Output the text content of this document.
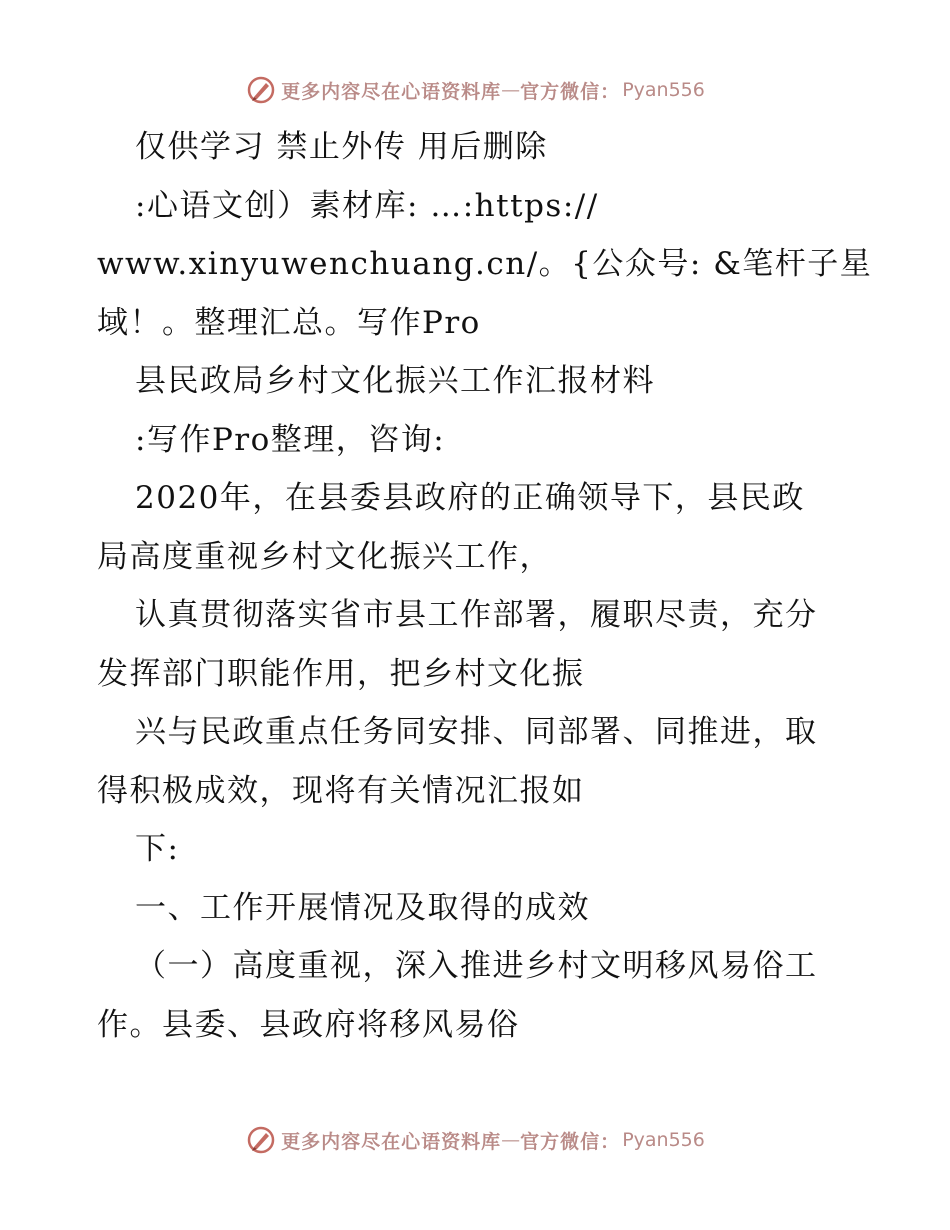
更多内容尽在心语资料库 — 官方微信： Pyan556
仅供学习 禁止外传 用后删除
:心语文创）素材库: …:https://
www.xinyuwenchuang.cn/。{公众号: &笔杆子星
域！。整理汇总。写作Pro
县民政局乡村文化振兴工作汇报材料
:写作Pro整理，咨询:
2020年，在县委县政府的正确领导下，县民政
局高度重视乡村文化振兴工作，
认真贯彻落实省市县工作部署，履职尽责，充分
发挥部门职能作用，把乡村文化振
兴与民政重点任务同安排、同部署、同推进，取
得积极成效，现将有关情况汇报如
下:
一、工作开展情况及取得的成效
（一）高度重视，深入推进乡村文明移风易俗工
作。县委、县政府将移风易俗
更多内容尽在心语资料库 — 官方微信： Pyan556
